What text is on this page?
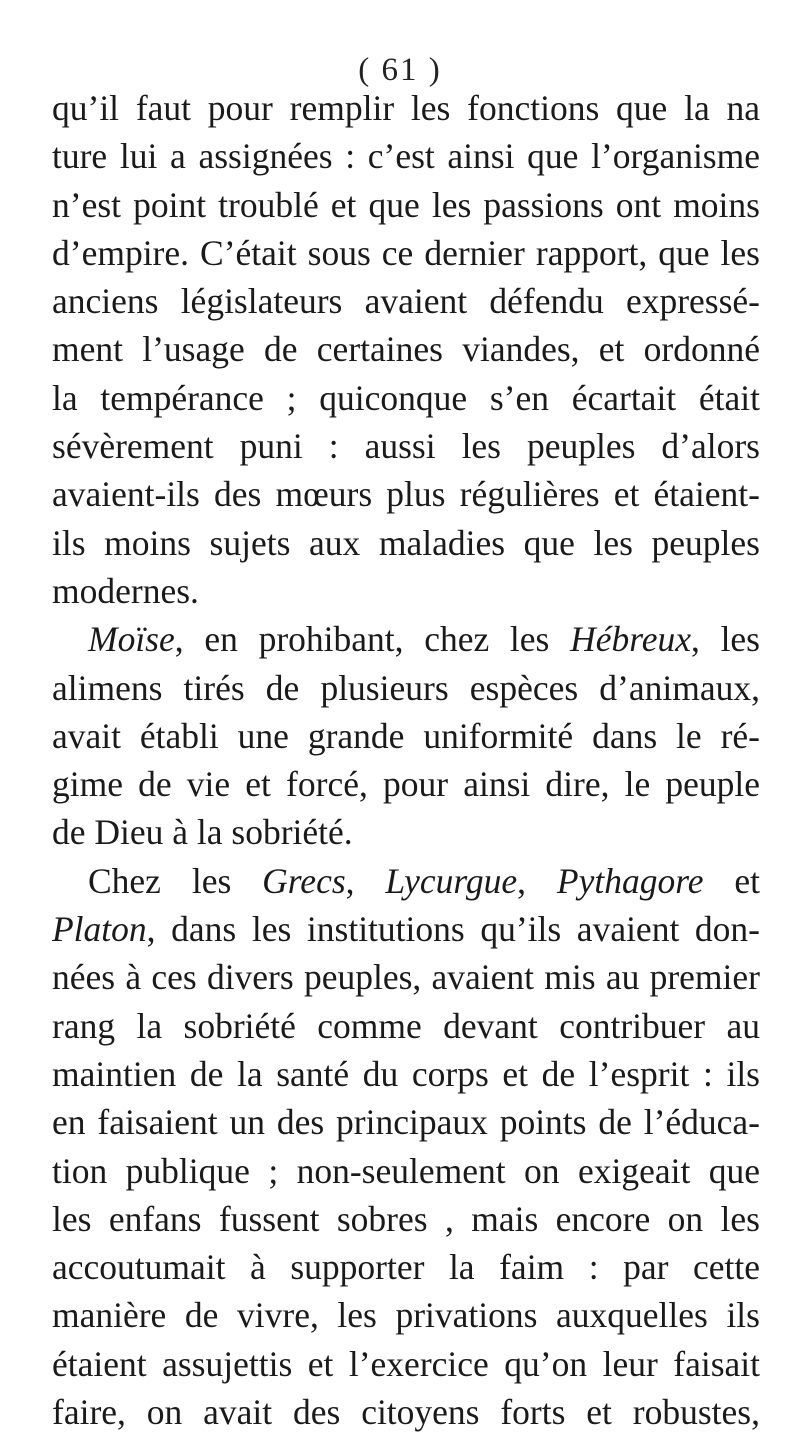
( 61 )
qu’il faut pour remplir les fonctions que la na
ture lui a assignées : c’est ainsi que l’organisme
n’est point troublé et que les passions ont moins
d’empire. C’était sous ce dernier rapport, que les
anciens législateurs avaient défendu expressé-
ment l’usage de certaines viandes, et ordonné
la tempérance ; quiconque s’en écartait était
sévèrement puni : aussi les peuples d’alors
avaient-ils des mœurs plus régulières et étaient-
ils moins sujets aux maladies que les peuples
modernes.
Moïse, en prohibant, chez les Hébreux, les
alimens tirés de plusieurs espèces d’animaux,
avait établi une grande uniformité dans le ré-
gime de vie et forcé, pour ainsi dire, le peuple
de Dieu à la sobriété.
Chez les Grecs, Lycurgue, Pythagore et
Platon, dans les institutions qu’ils avaient don-
nées à ces divers peuples, avaient mis au premier
rang la sobriété comme devant contribuer au
maintien de la santé du corps et de l’esprit : ils
en faisaient un des principaux points de l’éduca-
tion publique ; non-seulement on exigeait que
les enfans fussent sobres , mais encore on les
accoutumait à supporter la faim : par cette
manière de vivre, les privations auxquelles ils
étaient assujettis et l’exercice qu’on leur faisait
faire, on avait des citoyens forts et robustes,
